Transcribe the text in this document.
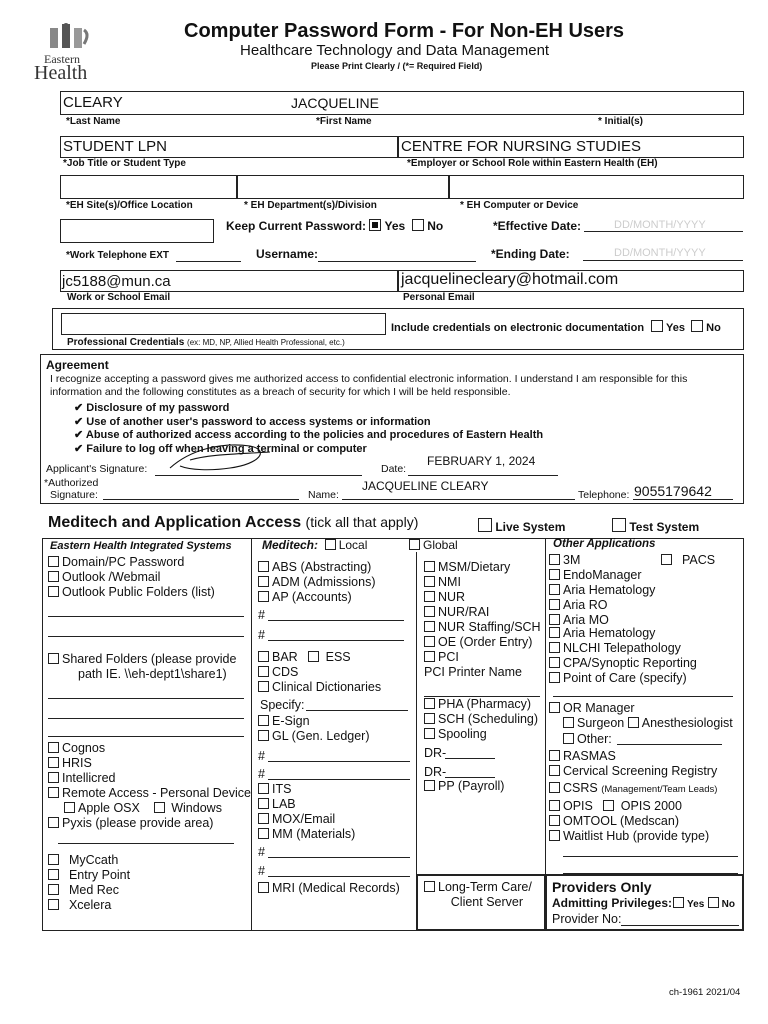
Eastern
Health
Computer Password Form - For Non-EH Users
Healthcare Technology and Data Management
Please Print Clearly / (*= Required Field)
CLEARY	JACQUELINE
*Last Name	*First Name	* Initial(s)
STUDENT LPN	CENTRE FOR NURSING STUDIES
*Job Title or Student Type	*Employer or School Role within Eastern Health (EH)
*EH Site(s)/Office Location	* EH Department(s)/Division	* EH Computer or Device
Keep Current Password: Yes No	*Effective Date:	DD/MONTH/YYYY
*Work Telephone EXT	Username:	*Ending Date:	DD/MONTH/YYYY
jc5188@mun.ca	jacquelinecleary@hotmail.com
Work or School Email	Personal Email
Professional Credentials (ex: MD, NP, Allied Health Professional, etc.)
Include credentials on electronic documentation Yes No
Agreement
I recognize accepting a password gives me authorized access to confidential electronic information. I understand I am responsible for this
information and the following constitutes as a breach of security for which I will be held responsible.
✔ Disclosure of my password
✔ Use of another user's password to access systems or information
✔ Abuse of authorized access according to the policies and procedures of Eastern Health
✔ Failure to log off when leaving a terminal or computer
Applicant's Signature:	Date:
FEBRUARY 1, 2024
*Authorized
Signature:	Name:
JACQUELINE CLEARY
Telephone: 9055179642
Meditech and Application Access (tick all that apply)	Live System	Test System
Eastern Health Integrated Systems
Domain/PC Password
Outlook /Webmail
Outlook Public Folders (list)
Shared Folders (please provide
path IE. \\eh-dept1\share1)
Cognos
HRIS
Intellicred
Remote Access - Personal Device
Apple OSX	Windows
Pyxis (please provide area)
MyCcath
Entry Point
Med Rec
Xcelera
Meditech: Local	Global
ABS (Abstracting)
ADM (Admissions)
AP (Accounts)
#
#
BAR ESS
CDS
Clinical Dictionaries
Specify:
E-Sign
GL (Gen. Ledger)
#
#
ITS
LAB
MOX/Email
MM (Materials)
#
#
MRI (Medical Records)
MSM/Dietary
NMI
NUR
NUR/RAI
NUR Staffing/SCH
OE (Order Entry)
PCI
PCI Printer Name
PHA (Pharmacy)
SCH (Scheduling)
Spooling
DR-
DR-
PP (Payroll)
Long-Term Care/
Client Server
Other Applications
3M	PACS
EndoManager
Aria Hematology
Aria RO
Aria MO
Aria Hematology
NLCHI Telepathology
CPA/Synoptic Reporting
Point of Care (specify)
OR Manager
Surgeon Anesthesiologist
Other:
RASMAS
Cervical Screening Registry
CSRS (Management/Team Leads)
OPIS OPIS 2000
OMTOOL (Medscan)
Waitlist Hub (provide type)
Providers Only
Admitting Privileges: Yes No
Provider No:
ch-1961 2021/04
